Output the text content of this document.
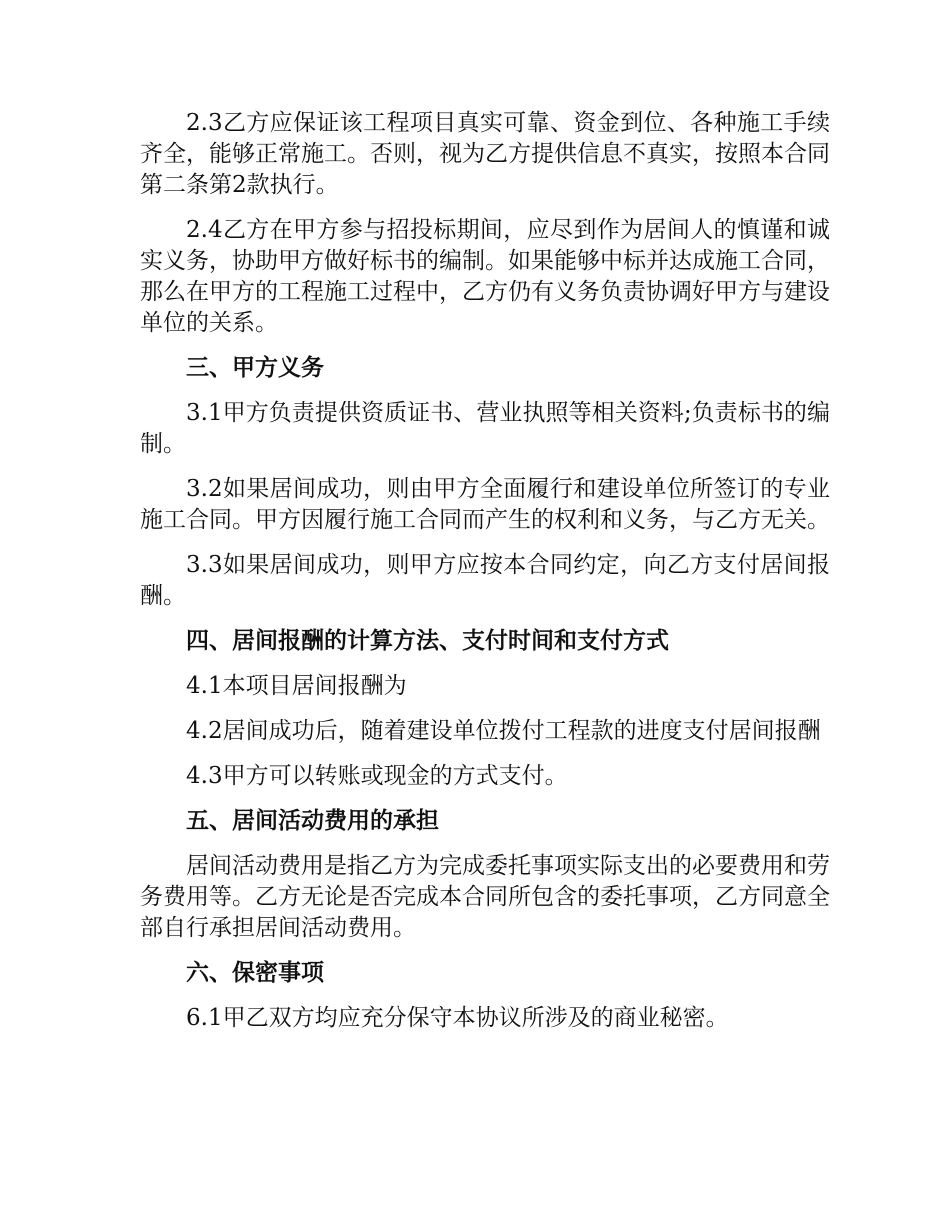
2.3乙方应保证该工程项目真实可靠、资金到位、各种施工手续齐全，能够正常施工。否则，视为乙方提供信息不真实，按照本合同第二条第2款执行。

2.4乙方在甲方参与招投标期间，应尽到作为居间人的慎谨和诚实义务，协助甲方做好标书的编制。如果能够中标并达成施工合同，那么在甲方的工程施工过程中，乙方仍有义务负责协调好甲方与建设单位的关系。

三、甲方义务

3.1甲方负责提供资质证书、营业执照等相关资料;负责标书的编制。

3.2如果居间成功，则由甲方全面履行和建设单位所签订的专业施工合同。甲方因履行施工合同而产生的权利和义务，与乙方无关。

3.3如果居间成功，则甲方应按本合同约定，向乙方支付居间报酬。

四、居间报酬的计算方法、支付时间和支付方式

4.1本项目居间报酬为

4.2居间成功后，随着建设单位拨付工程款的进度支付居间报酬

4.3甲方可以转账或现金的方式支付。

五、居间活动费用的承担

居间活动费用是指乙方为完成委托事项实际支出的必要费用和劳务费用等。乙方无论是否完成本合同所包含的委托事项，乙方同意全部自行承担居间活动费用。

六、保密事项

6.1甲乙双方均应充分保守本协议所涉及的商业秘密。
